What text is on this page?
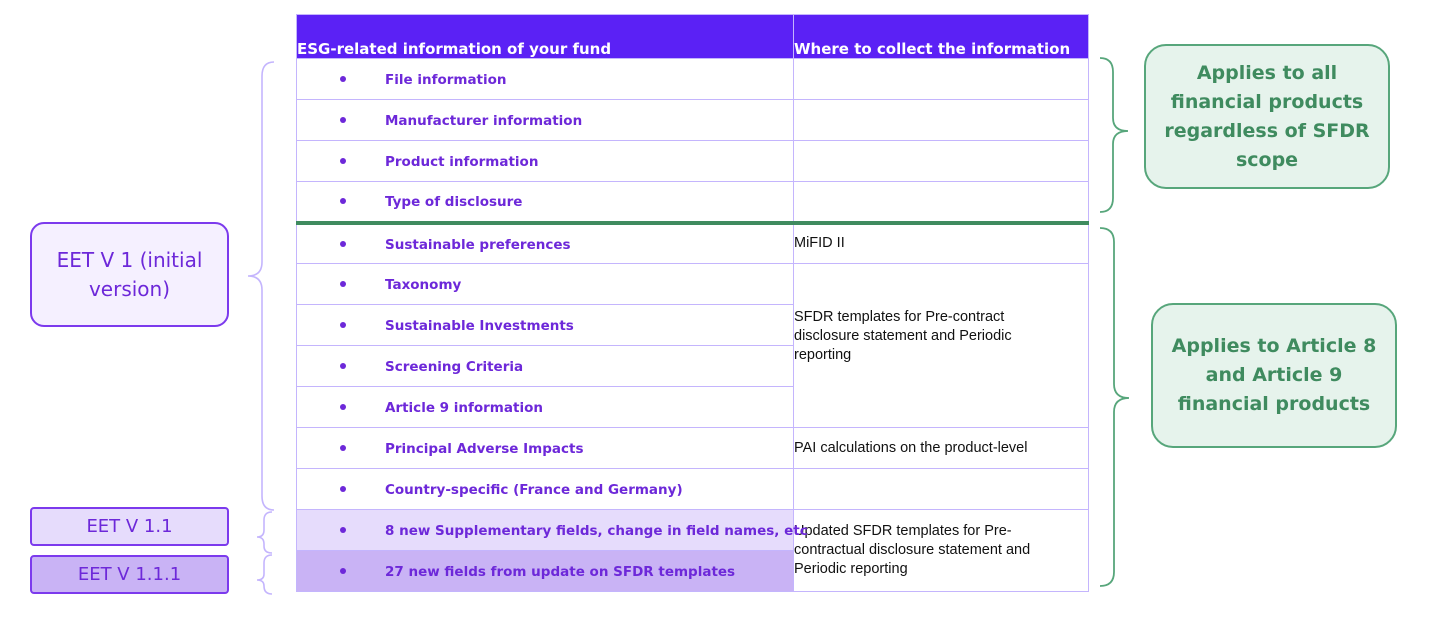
EET V 1 (initial version)
EET V 1.1
EET V 1.1.1
Applies to all financial products regardless of SFDR scope
Applies to Article 8 and Article 9 financial products
ESG-related information of your fund	Where to collect the information

File information	

Manufacturer information	

Product information	

Type of disclosure	

Sustainable preferences	MiFID II

Taxonomy	SFDR templates for Pre-contract disclosure statement and Periodic reporting

Sustainable Investments	

Screening Criteria	

Article 9 information	

Principal Adverse Impacts	PAI calculations on the product-level

Country-specific (France and Germany)	

8 new Supplementary fields, change in field names, etc	Updated SFDR templates for Pre-contractual disclosure statement and Periodic reporting

27 new fields from update on SFDR templates	
